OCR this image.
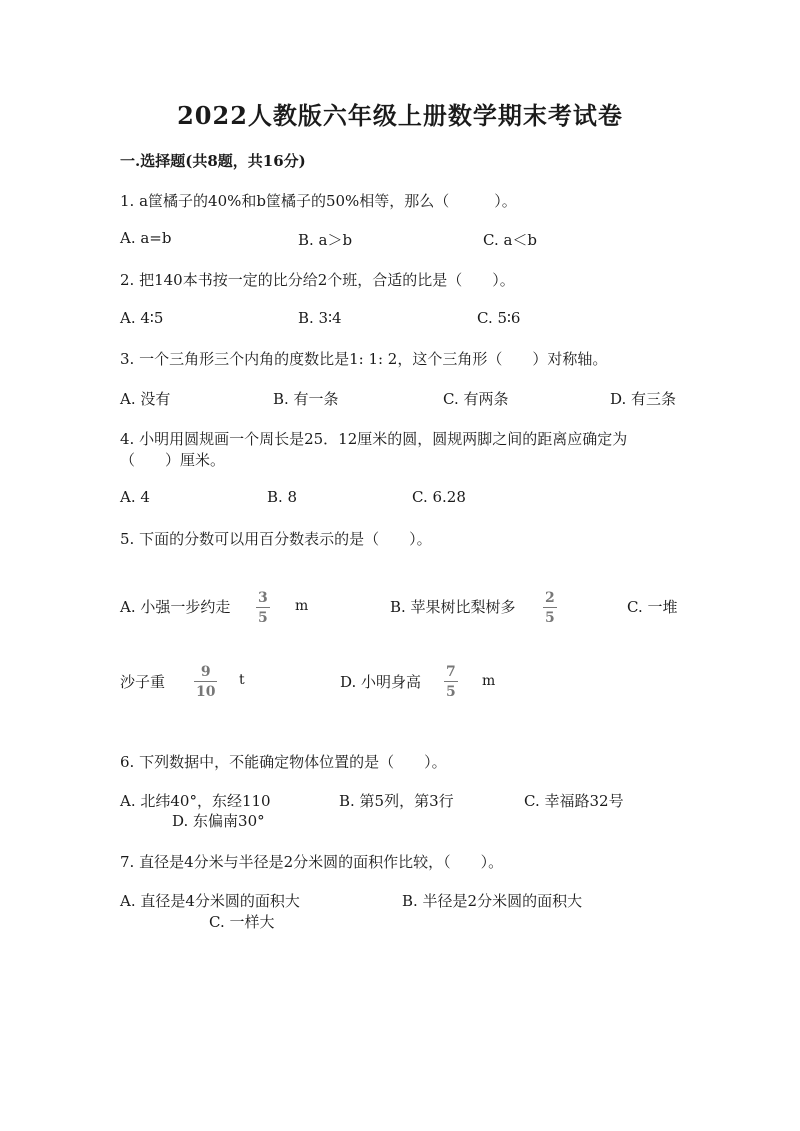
2022人教版六年级上册数学期末考试卷
一.选择题(共8题，共16分)
1. a筐橘子的40%和b筐橘子的50%相等，那么（　　　）。
A. a=b	B. a＞b	C. a＜b
2. 把140本书按一定的比分给2个班，合适的比是（　　）。
A. 4∶5	B. 3∶4	C. 5∶6
3. 一个三角形三个内角的度数比是1: 1: 2，这个三角形（　　）对称轴。
A. 没有	B. 有一条	C. 有两条	D. 有三条
4. 小明用圆规画一个周长是25．12厘米的圆，圆规两脚之间的距离应确定为
（　　）厘米。
A. 4	B. 8	C. 6.28
5. 下面的分数可以用百分数表示的是（　　）。
A. 小强一步约走 3
5
m	B. 苹果树比梨树多 2
5
C. 一堆
沙子重
9
10
t	D. 小明身高
7
5
m
6. 下列数据中，不能确定物体位置的是（　　）。
A. 北纬40°，东经110	B. 第5列，第3行	C. 幸福路32号
D. 东偏南30°
7. 直径是4分米与半径是2分米圆的面积作比较，（　　）。
A. 直径是4分米圆的面积大	B. 半径是2分米圆的面积大
C. 一样大
